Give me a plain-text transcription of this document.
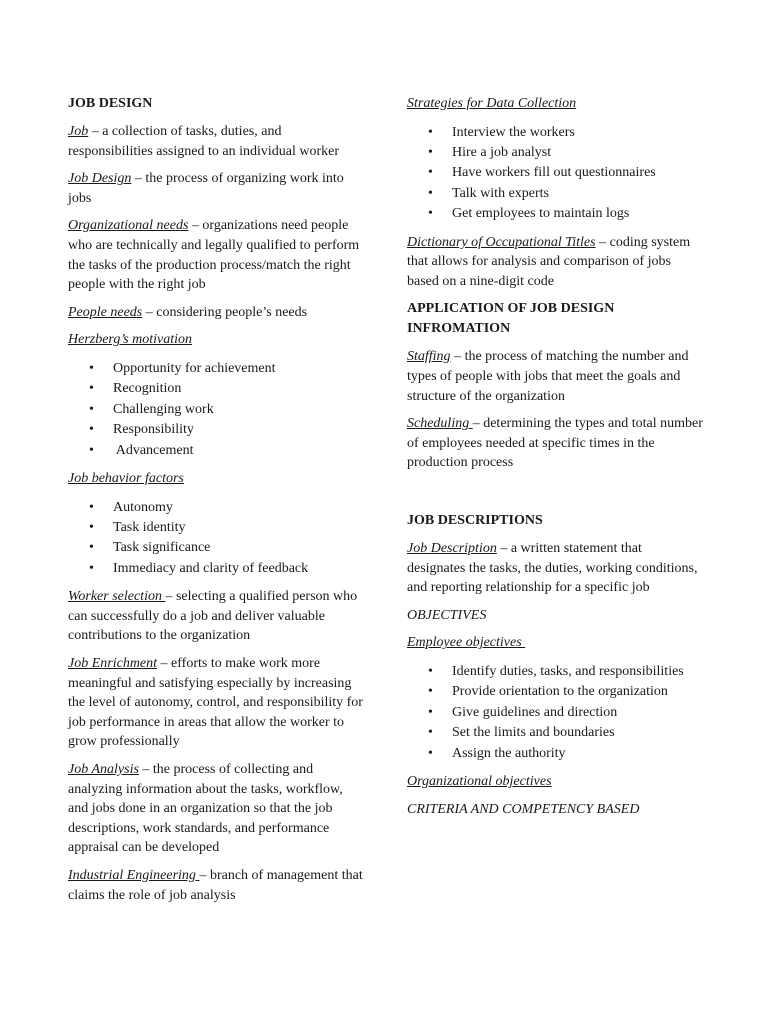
JOB DESIGN

Job – a collection of tasks, duties, and responsibilities assigned to an individual worker

Job Design – the process of organizing work into jobs

Organizational needs – organizations need people who are technically and legally qualified to perform the tasks of the production process/match the right people with the right job

People needs – considering people’s needs

Herzberg’s motivation

• Opportunity for achievement
• Recognition
• Challenging work
• Responsibility
• Advancement

Job behavior factors

• Autonomy
• Task identity
• Task significance
• Immediacy and clarity of feedback

Worker selection – selecting a qualified person who can successfully do a job and deliver valuable contributions to the organization

Job Enrichment – efforts to make work more meaningful and satisfying especially by increasing the level of autonomy, control, and responsibility for job performance in areas that allow the worker to grow professionally

Job Analysis – the process of collecting and analyzing information about the tasks, workflow, and jobs done in an organization so that the job descriptions, work standards, and performance appraisal can be developed

Industrial Engineering – branch of management that claims the role of job analysis

Strategies for Data Collection

• Interview the workers
• Hire a job analyst
• Have workers fill out questionnaires
• Talk with experts
• Get employees to maintain logs

Dictionary of Occupational Titles – coding system that allows for analysis and comparison of jobs based on a nine-digit code

APPLICATION OF JOB DESIGN INFROMATION

Staffing – the process of matching the number and types of people with jobs that meet the goals and structure of the organization

Scheduling – determining the types and total number of employees needed at specific times in the production process

JOB DESCRIPTIONS

Job Description – a written statement that designates the tasks, the duties, working conditions, and reporting relationship for a specific job

OBJECTIVES

Employee objectives

• Identify duties, tasks, and responsibilities
• Provide orientation to the organization
• Give guidelines and direction
• Set the limits and boundaries
• Assign the authority

Organizational objectives

CRITERIA AND COMPETENCY BASED
